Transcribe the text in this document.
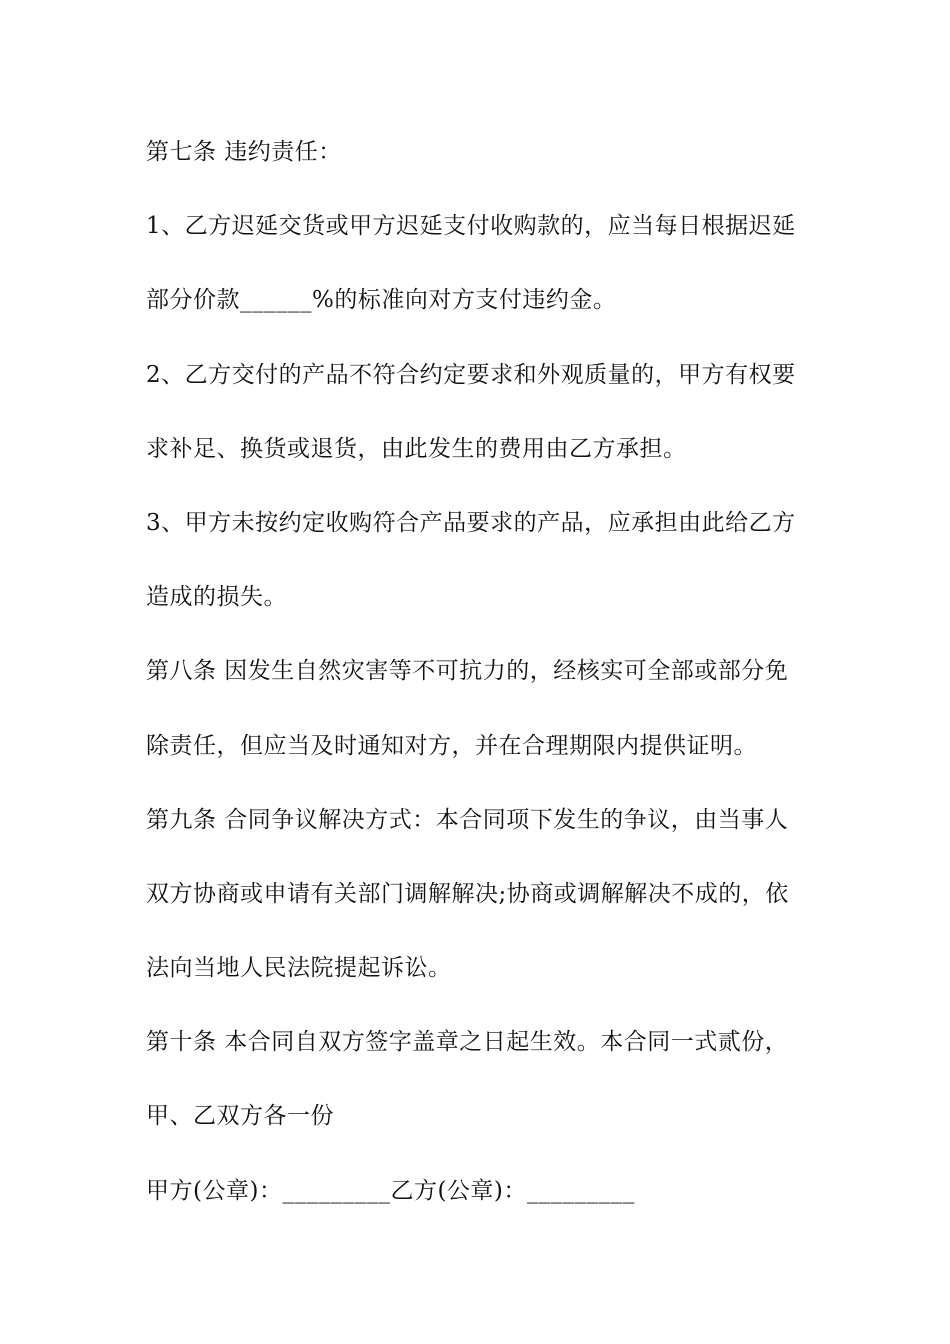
第七条 违约责任：
1、乙方迟延交货或甲方迟延支付收购款的，应当每日根据迟延
部分价款______%的标准向对方支付违约金。
2、乙方交付的产品不符合约定要求和外观质量的，甲方有权要
求补足、换货或退货，由此发生的费用由乙方承担。
3、甲方未按约定收购符合产品要求的产品，应承担由此给乙方
造成的损失。
第八条 因发生自然灾害等不可抗力的，经核实可全部或部分免
除责任，但应当及时通知对方，并在合理期限内提供证明。
第九条 合同争议解决方式：本合同项下发生的争议，由当事人
双方协商或申请有关部门调解解决;协商或调解解决不成的，依
法向当地人民法院提起诉讼。
第十条 本合同自双方签字盖章之日起生效。本合同一式贰份，
甲、乙双方各一份
甲方(公章)：_________乙方(公章)：_________
